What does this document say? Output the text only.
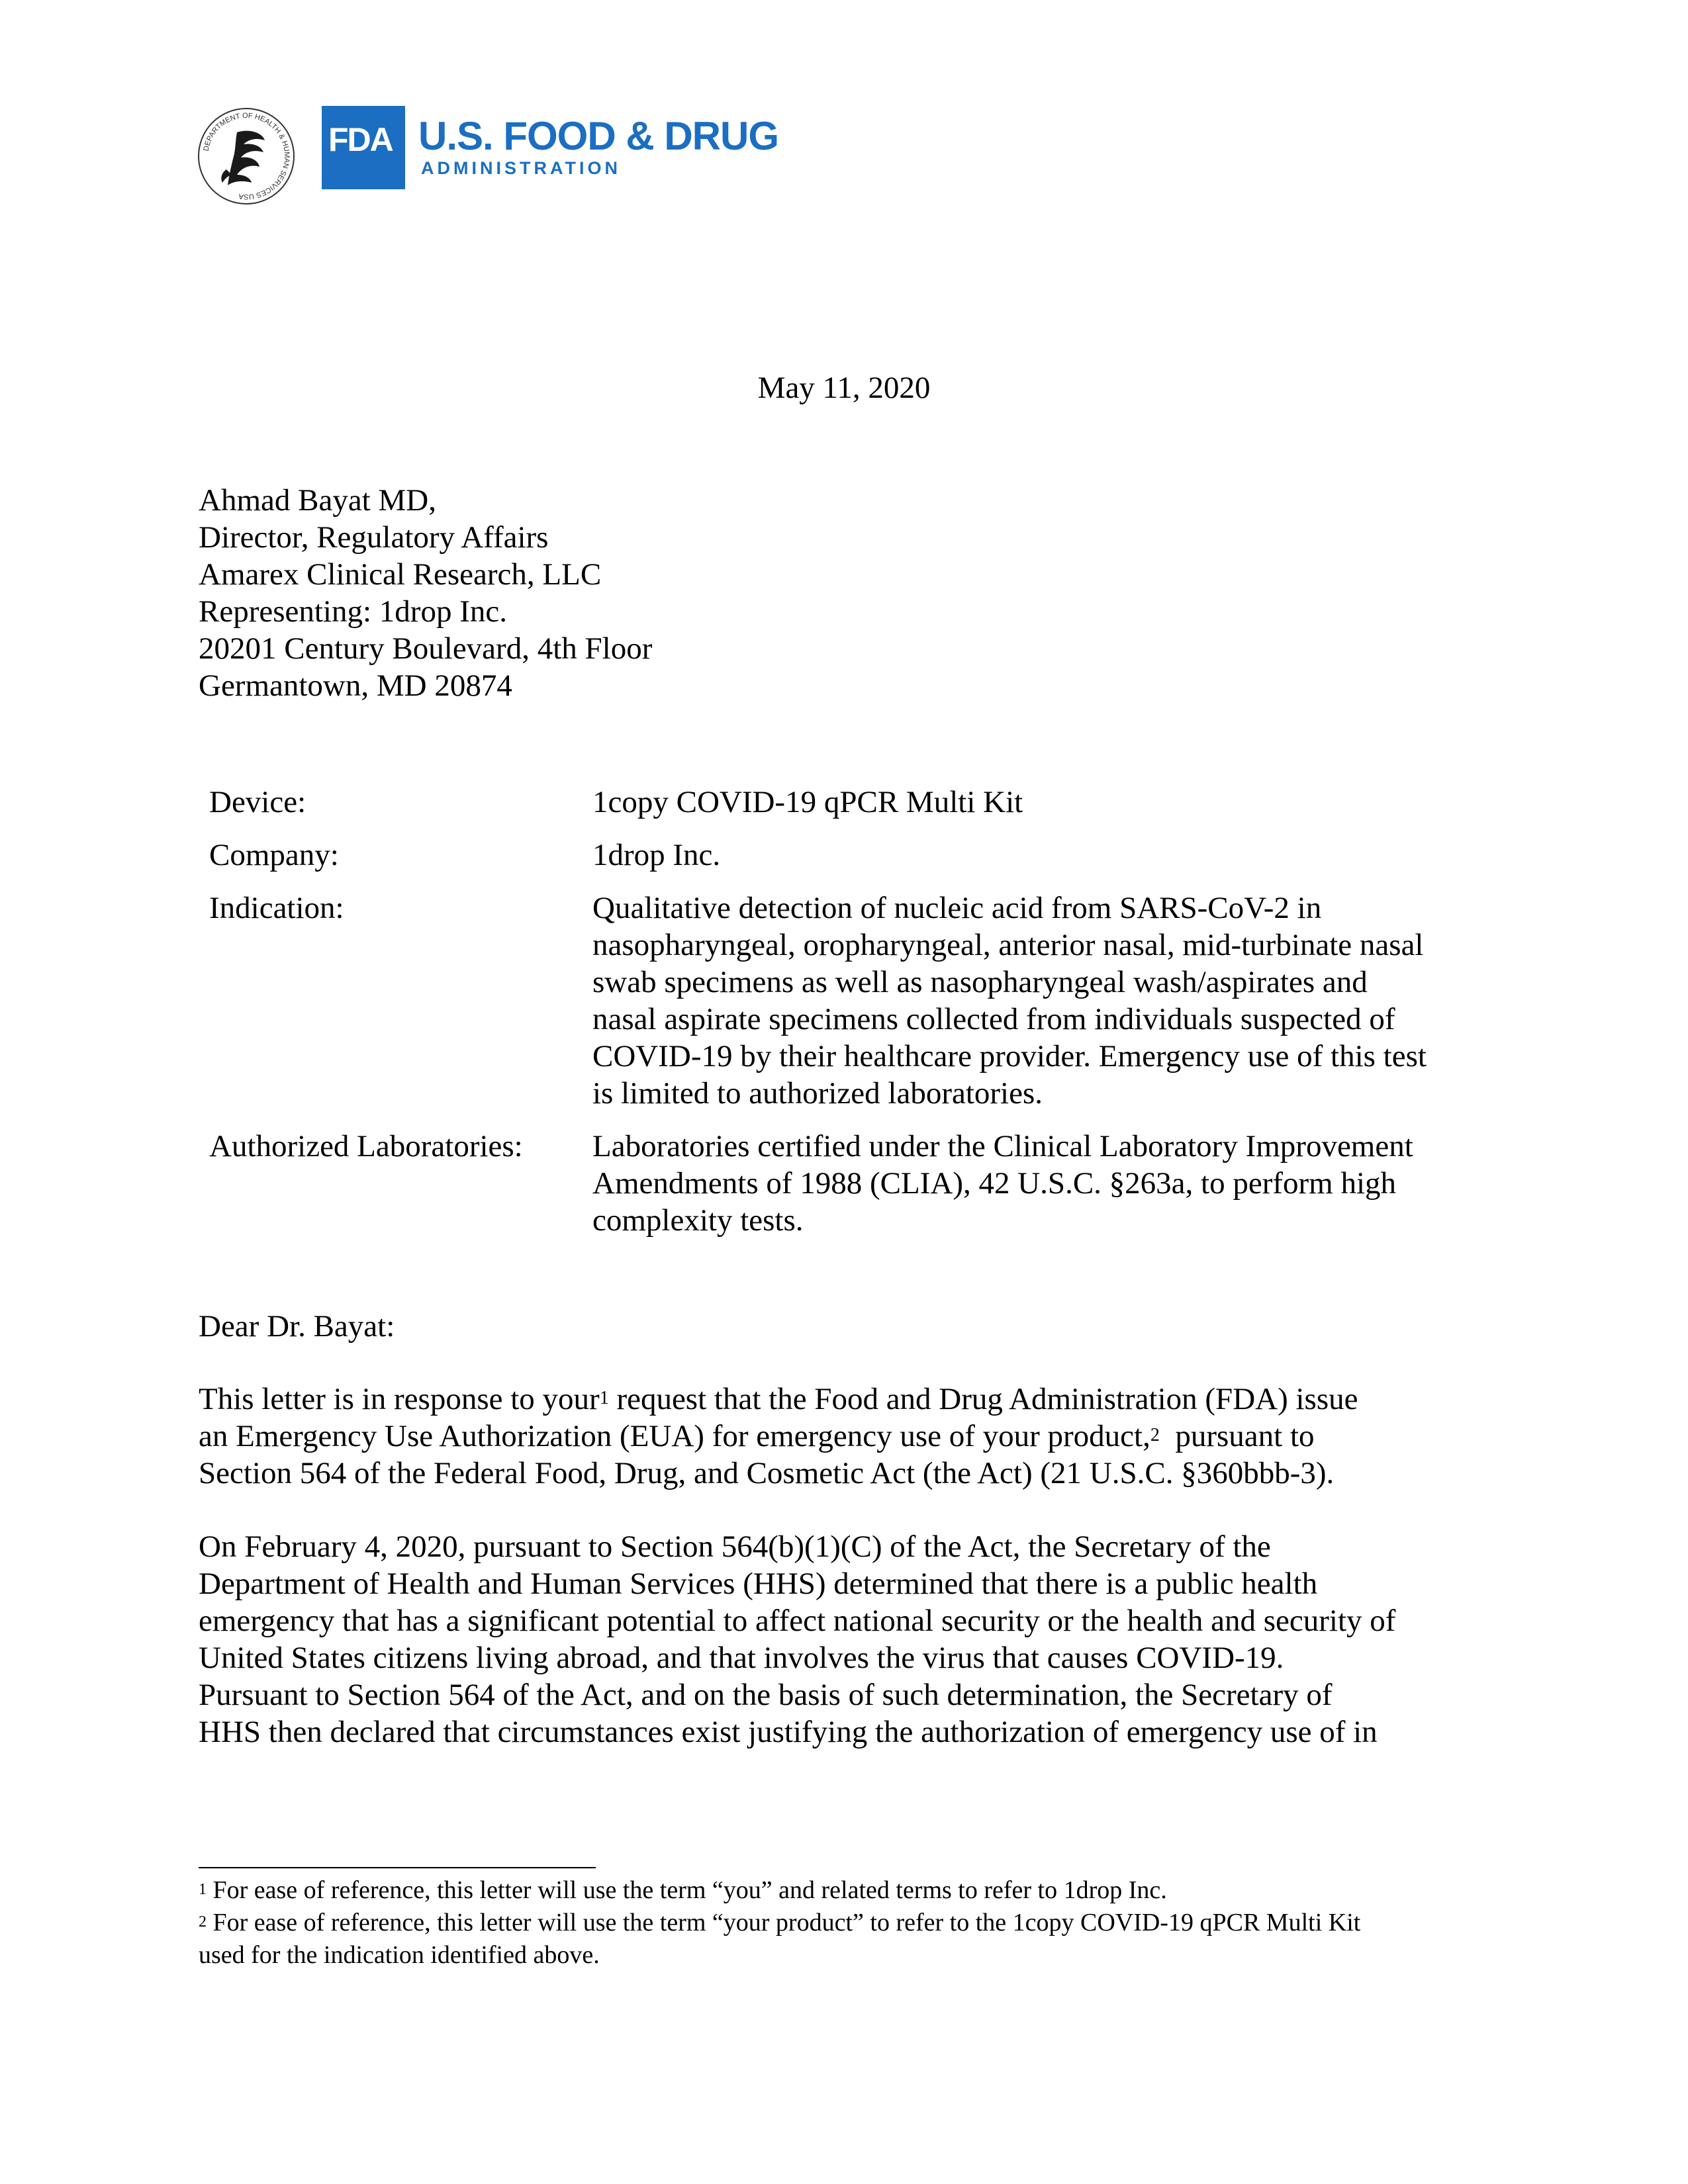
DEPARTMENT OF HEALTH & HUMAN SERVICES USA
FDA U.S. FOOD & DRUG
ADMINISTRATION
May 11, 2020
Ahmad Bayat MD,
Director, Regulatory Affairs
Amarex Clinical Research, LLC
Representing: 1drop Inc.
20201 Century Boulevard, 4th Floor
Germantown, MD 20874
Device:	1copy COVID-19 qPCR Multi Kit
Company:	1drop Inc.
Indication:	Qualitative detection of nucleic acid from SARS-CoV-2 in
nasopharyngeal, oropharyngeal, anterior nasal, mid-turbinate nasal
swab specimens as well as nasopharyngeal wash/aspirates and
nasal aspirate specimens collected from individuals suspected of
COVID-19 by their healthcare provider. Emergency use of this test
is limited to authorized laboratories.
Authorized Laboratories:	Laboratories certified under the Clinical Laboratory Improvement
Amendments of 1988 (CLIA), 42 U.S.C. §263a, to perform high
complexity tests.
Dear Dr. Bayat:
This letter is in response to your$^1$ request that the Food and Drug Administration (FDA) issue
an Emergency Use Authorization (EUA) for emergency use of your product,$^2$  pursuant to
Section 564 of the Federal Food, Drug, and Cosmetic Act (the Act) (21 U.S.C. §360bbb-3).
On February 4, 2020, pursuant to Section 564(b)(1)(C) of the Act, the Secretary of the
Department of Health and Human Services (HHS) determined that there is a public health
emergency that has a significant potential to affect national security or the health and security of
United States citizens living abroad, and that involves the virus that causes COVID-19.
Pursuant to Section 564 of the Act, and on the basis of such determination, the Secretary of
HHS then declared that circumstances exist justifying the authorization of emergency use of in
$^1$ For ease of reference, this letter will use the term “you” and related terms to refer to 1drop Inc.
$^2$ For ease of reference, this letter will use the term “your product” to refer to the 1copy COVID-19 qPCR Multi Kit
used for the indication identified above.
